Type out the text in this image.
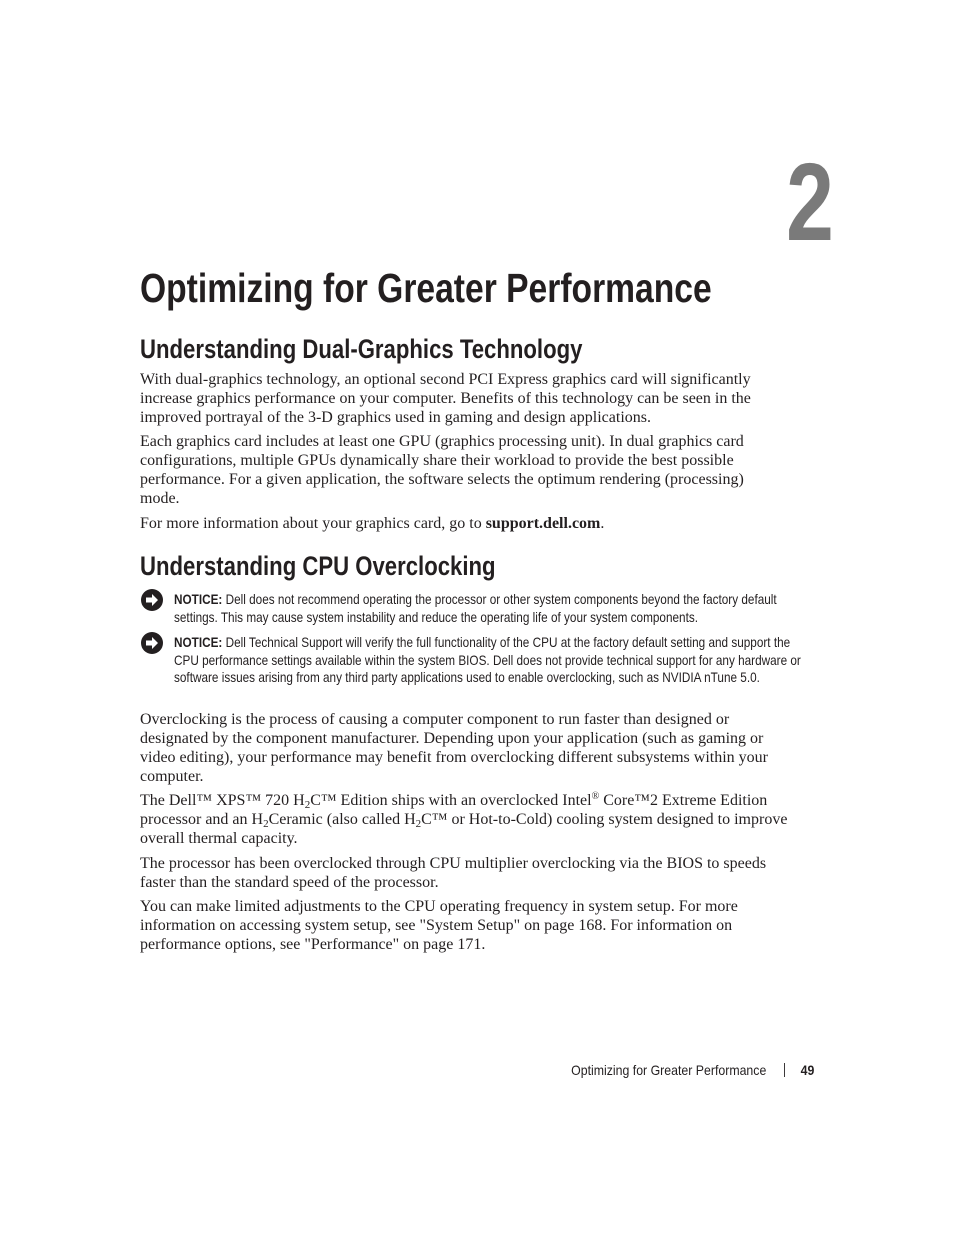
2
Optimizing for Greater Performance
Understanding Dual-Graphics Technology

With dual-graphics technology, an optional second PCI Express graphics card will significantly increase graphics performance on your computer. Benefits of this technology can be seen in the improved portrayal of the 3-D graphics used in gaming and design applications.

Each graphics card includes at least one GPU (graphics processing unit). In dual graphics card configurations, multiple GPUs dynamically share their workload to provide the best possible performance. For a given application, the software selects the optimum rendering (processing) mode.

For more information about your graphics card, go to support.dell.com.

Understanding CPU Overclocking

NOTICE: Dell does not recommend operating the processor or other system components beyond the factory default settings. This may cause system instability and reduce the operating life of your system components.

NOTICE: Dell Technical Support will verify the full functionality of the CPU at the factory default setting and support the CPU performance settings available within the system BIOS. Dell does not provide technical support for any hardware or software issues arising from any third party applications used to enable overclocking, such as NVIDIA nTune 5.0.

Overclocking is the process of causing a computer component to run faster than designed or designated by the component manufacturer. Depending upon your application (such as gaming or video editing), your performance may benefit from overclocking different subsystems within your computer.

The Dell™ XPS™ 720 $H_2C™$ Edition ships with an overclocked Intel® Core™2 Extreme Edition processor and an $H_2Ceramic$ (also called $H_2C™$ or Hot-to-Cold) cooling system designed to improve overall thermal capacity.

The processor has been overclocked through CPU multiplier overclocking via the BIOS to speeds faster than the standard speed of the processor.

You can make limited adjustments to the CPU operating frequency in system setup. For more information on accessing system setup, see "System Setup" on page 168. For information on performance options, see "Performance" on page 171.

Optimizing for Greater Performance 49
